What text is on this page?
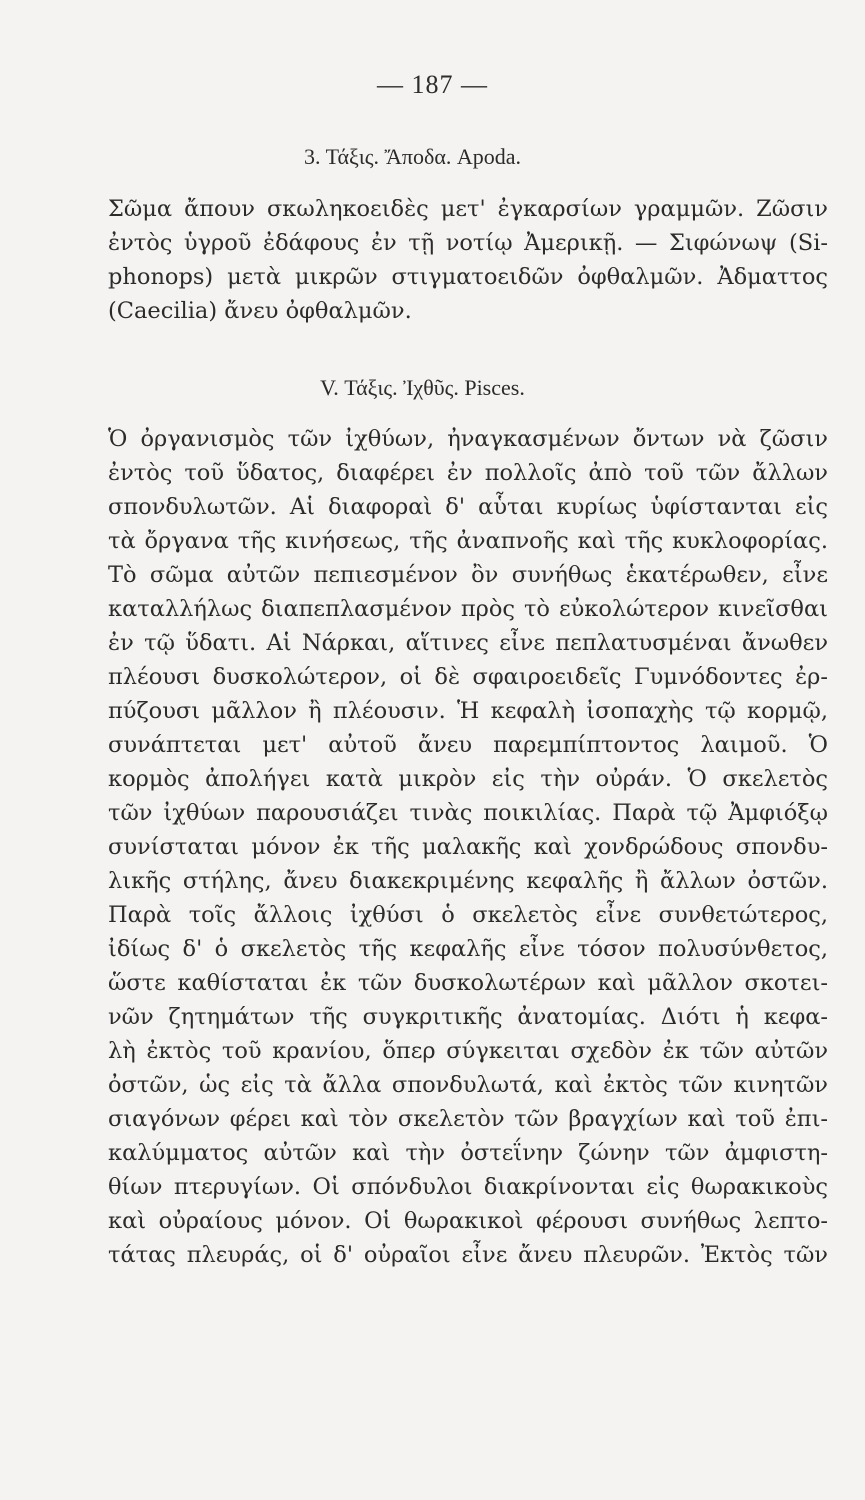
— 187 —
3. Τάξις. Ἄποδα. Apoda.
Σῶμα ἄπουν σκωληκοειδὲς μετ' ἐγκαρσίων γραμμῶν. Ζῶσιν
ἐντὸς ὑγροῦ ἐδάφους ἐν τῇ νοτίῳ Ἀμερικῇ. — Σιφώνωψ (Si-
phonops) μετὰ μικρῶν στιγματοειδῶν ὀφθαλμῶν. Ἀδματτος
(Caecilia) ἄνευ ὀφθαλμῶν.
V. Τάξις. Ἰχθῦς. Pisces.
Ὁ ὀργανισμὸς τῶν ἰχθύων, ἠναγκασμένων ὄντων νὰ ζῶσιν
ἐντὸς τοῦ ὕδατος, διαφέρει ἐν πολλοῖς ἀπὸ τοῦ τῶν ἄλλων
σπονδυλωτῶν. Αἱ διαφοραὶ δ' αὗται κυρίως ὑφίστανται εἰς
τὰ ὄργανα τῆς κινήσεως, τῆς ἀναπνοῆς καὶ τῆς κυκλοφορίας.
Τὸ σῶμα αὐτῶν πεπιεσμένον ὂν συνήθως ἑκατέρωθεν, εἶνε
καταλλήλως διαπεπλασμένον πρὸς τὸ εὐκολώτερον κινεῖσθαι
ἐν τῷ ὕδατι. Αἱ Νάρκαι, αἵτινες εἶνε πεπλατυσμέναι ἄνωθεν
πλέουσι δυσκολώτερον, οἱ δὲ σφαιροειδεῖς Γυμνόδοντες ἐρ-
πύζουσι μᾶλλον ἢ πλέουσιν. Ἡ κεφαλὴ ἰσοπαχὴς τῷ κορμῷ,
συνάπτεται μετ' αὐτοῦ ἄνευ παρεμπίπτοντος λαιμοῦ. Ὁ
κορμὸς ἀπολήγει κατὰ μικρὸν εἰς τὴν οὐράν. Ὁ σκελετὸς
τῶν ἰχθύων παρουσιάζει τινὰς ποικιλίας. Παρὰ τῷ Ἀμφιόξῳ
συνίσταται μόνον ἐκ τῆς μαλακῆς καὶ χονδρώδους σπονδυ-
λικῆς στήλης, ἄνευ διακεκριμένης κεφαλῆς ἢ ἄλλων ὀστῶν.
Παρὰ τοῖς ἄλλοις ἰχθύσι ὁ σκελετὸς εἶνε συνθετώτερος,
ἰδίως δ' ὁ σκελετὸς τῆς κεφαλῆς εἶνε τόσον πολυσύνθετος,
ὥστε καθίσταται ἐκ τῶν δυσκολωτέρων καὶ μᾶλλον σκοτει-
νῶν ζητημάτων τῆς συγκριτικῆς ἀνατομίας. Διότι ἡ κεφα-
λὴ ἐκτὸς τοῦ κρανίου, ὅπερ σύγκειται σχεδὸν ἐκ τῶν αὐτῶν
ὀστῶν, ὡς εἰς τὰ ἄλλα σπονδυλωτά, καὶ ἐκτὸς τῶν κινητῶν
σιαγόνων φέρει καὶ τὸν σκελετὸν τῶν βραγχίων καὶ τοῦ ἐπι-
καλύμματος αὐτῶν καὶ τὴν ὀστεΐνην ζώνην τῶν ἀμφιστη-
θίων πτερυγίων. Οἱ σπόνδυλοι διακρίνονται εἰς θωρακικοὺς
καὶ οὐραίους μόνον. Οἱ θωρακικοὶ φέρουσι συνήθως λεπτο-
τάτας πλευράς, οἱ δ' οὐραῖοι εἶνε ἄνευ πλευρῶν. Ἐκτὸς τῶν
